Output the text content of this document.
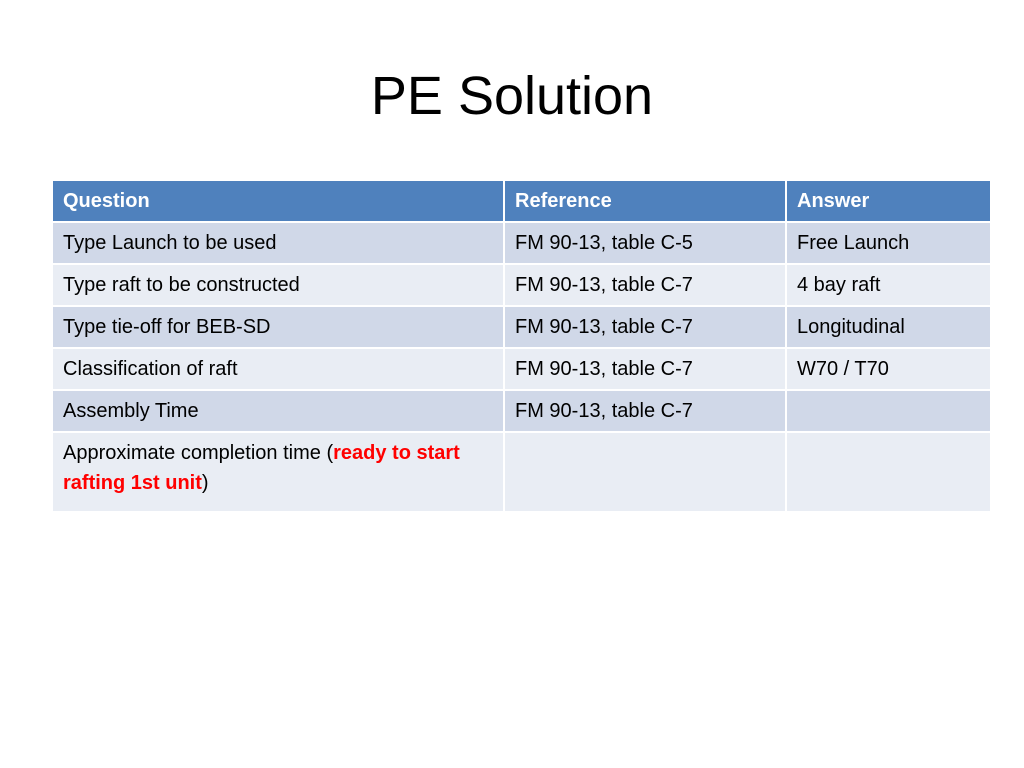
PE Solution
Question	Reference	Answer
Type Launch to be used	FM 90-13, table C-5	Free Launch
Type raft to be constructed	FM 90-13, table C-7	4 bay raft
Type tie-off for BEB-SD	FM 90-13, table C-7	Longitudinal
Classification of raft	FM 90-13, table C-7	W70 / T70
Assembly Time	FM 90-13, table C-7	
Approximate completion time (ready to start rafting 1st unit)		
